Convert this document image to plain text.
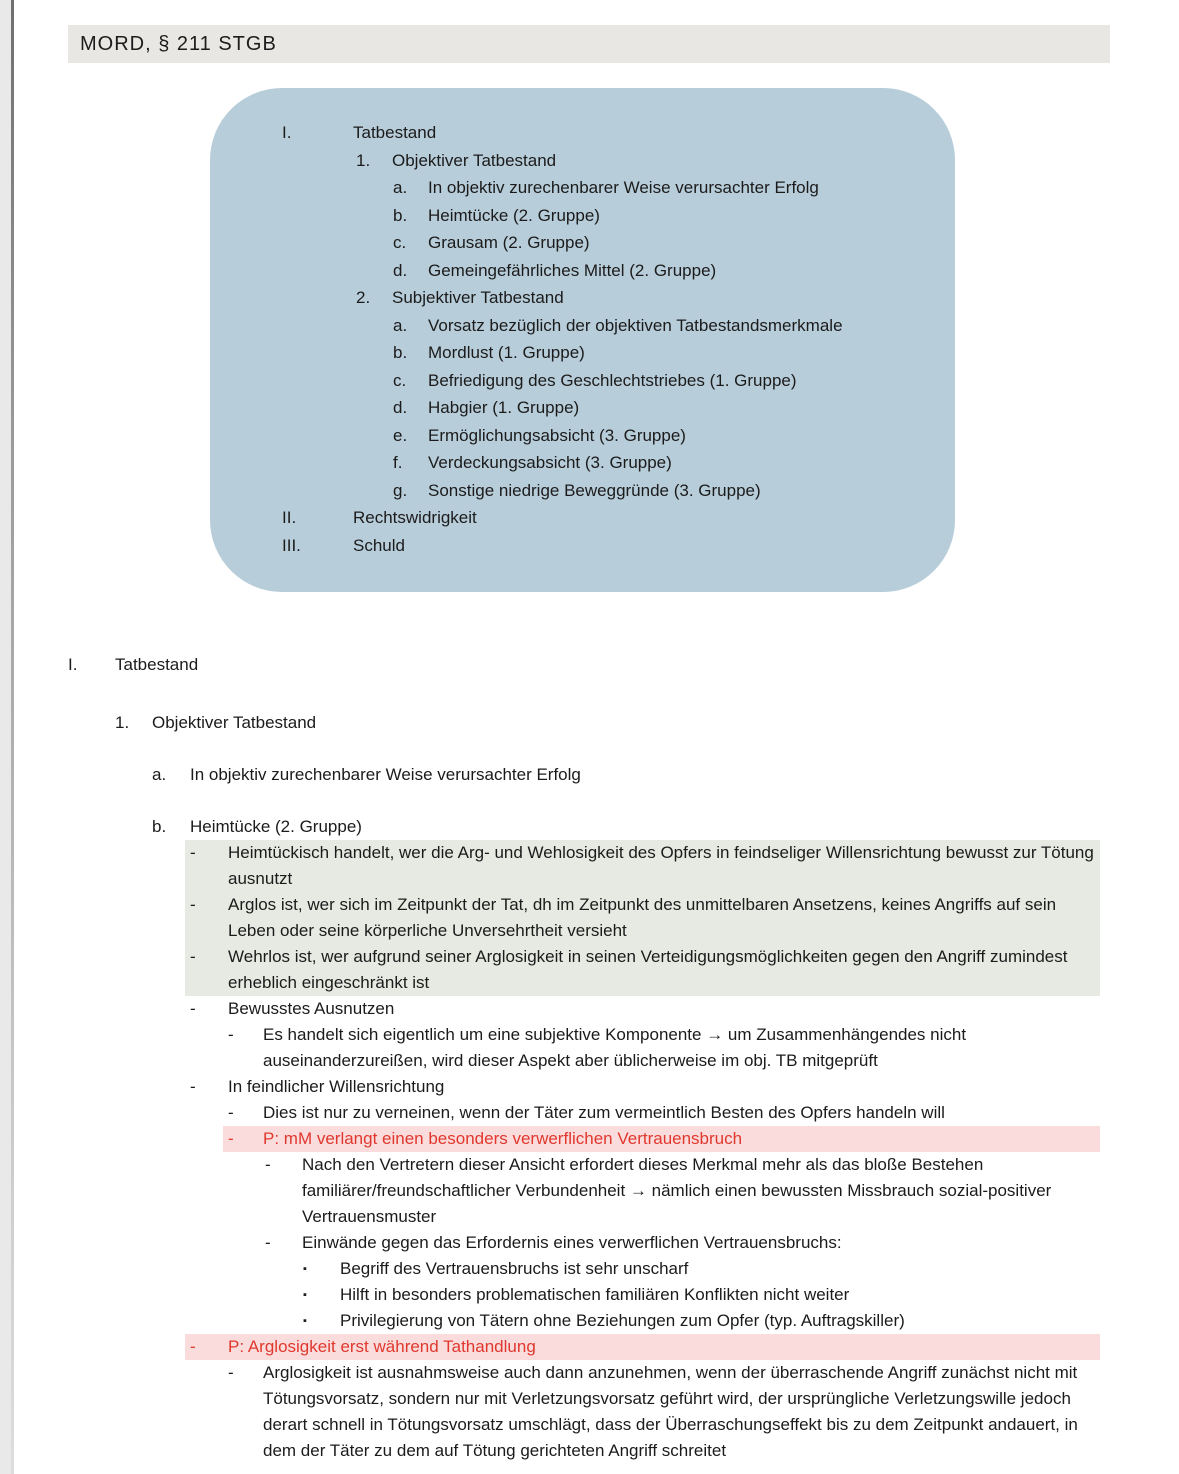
MORD, § 211 STGB
I.	Tatbestand
1.	Objektiver Tatbestand
a.	In objektiv zurechenbarer Weise verursachter Erfolg
b.	Heimtücke (2. Gruppe)
c.	Grausam (2. Gruppe)
d.	Gemeingefährliches Mittel (2. Gruppe)
2.	Subjektiver Tatbestand
a.	Vorsatz bezüglich der objektiven Tatbestandsmerkmale
b.	Mordlust (1. Gruppe)
c.	Befriedigung des Geschlechtstriebes (1. Gruppe)
d.	Habgier (1. Gruppe)
e.	Ermöglichungsabsicht (3. Gruppe)
f.	Verdeckungsabsicht (3. Gruppe)
g.	Sonstige niedrige Beweggründe (3. Gruppe)
II.	Rechtswidrigkeit
III.	Schuld
I.	Tatbestand
1.	Objektiver Tatbestand
a.	In objektiv zurechenbarer Weise verursachter Erfolg
b.	Heimtücke (2. Gruppe)
-	Heimtückisch handelt, wer die Arg- und Wehlosigkeit des Opfers in feindseliger Willensrichtung bewusst zur Tötung ausnutzt
-	Arglos ist, wer sich im Zeitpunkt der Tat, dh im Zeitpunkt des unmittelbaren Ansetzens, keines Angriffs auf sein Leben oder seine körperliche Unversehrtheit versieht
-	Wehrlos ist, wer aufgrund seiner Arglosigkeit in seinen Verteidigungsmöglichkeiten gegen den Angriff zumindest erheblich eingeschränkt ist
-	Bewusstes Ausnutzen
-	Es handelt sich eigentlich um eine subjektive Komponente → um Zusammenhängendes nicht auseinanderzureißen, wird dieser Aspekt aber üblicherweise im obj. TB mitgeprüft
-	In feindlicher Willensrichtung
-	Dies ist nur zu verneinen, wenn der Täter zum vermeintlich Besten des Opfers handeln will
-	P: mM verlangt einen besonders verwerflichen Vertrauensbruch
-	Nach den Vertretern dieser Ansicht erfordert dieses Merkmal mehr als das bloße Bestehen familiärer/freundschaftlicher Verbundenheit → nämlich einen bewussten Missbrauch sozial-positiver Vertrauensmuster
-	Einwände gegen das Erfordernis eines verwerflichen Vertrauensbruchs:
▪	Begriff des Vertrauensbruchs ist sehr unscharf
▪	Hilft in besonders problematischen familiären Konflikten nicht weiter
▪	Privilegierung von Tätern ohne Beziehungen zum Opfer (typ. Auftragskiller)
-	P: Arglosigkeit erst während Tathandlung
-	Arglosigkeit ist ausnahmsweise auch dann anzunehmen, wenn der überraschende Angriff zunächst nicht mit Tötungsvorsatz, sondern nur mit Verletzungsvorsatz geführt wird, der ursprüngliche Verletzungswille jedoch derart schnell in Tötungsvorsatz umschlägt, dass der Überraschungseffekt bis zu dem Zeitpunkt andauert, in dem der Täter zu dem auf Tötung gerichteten Angriff schreitet
